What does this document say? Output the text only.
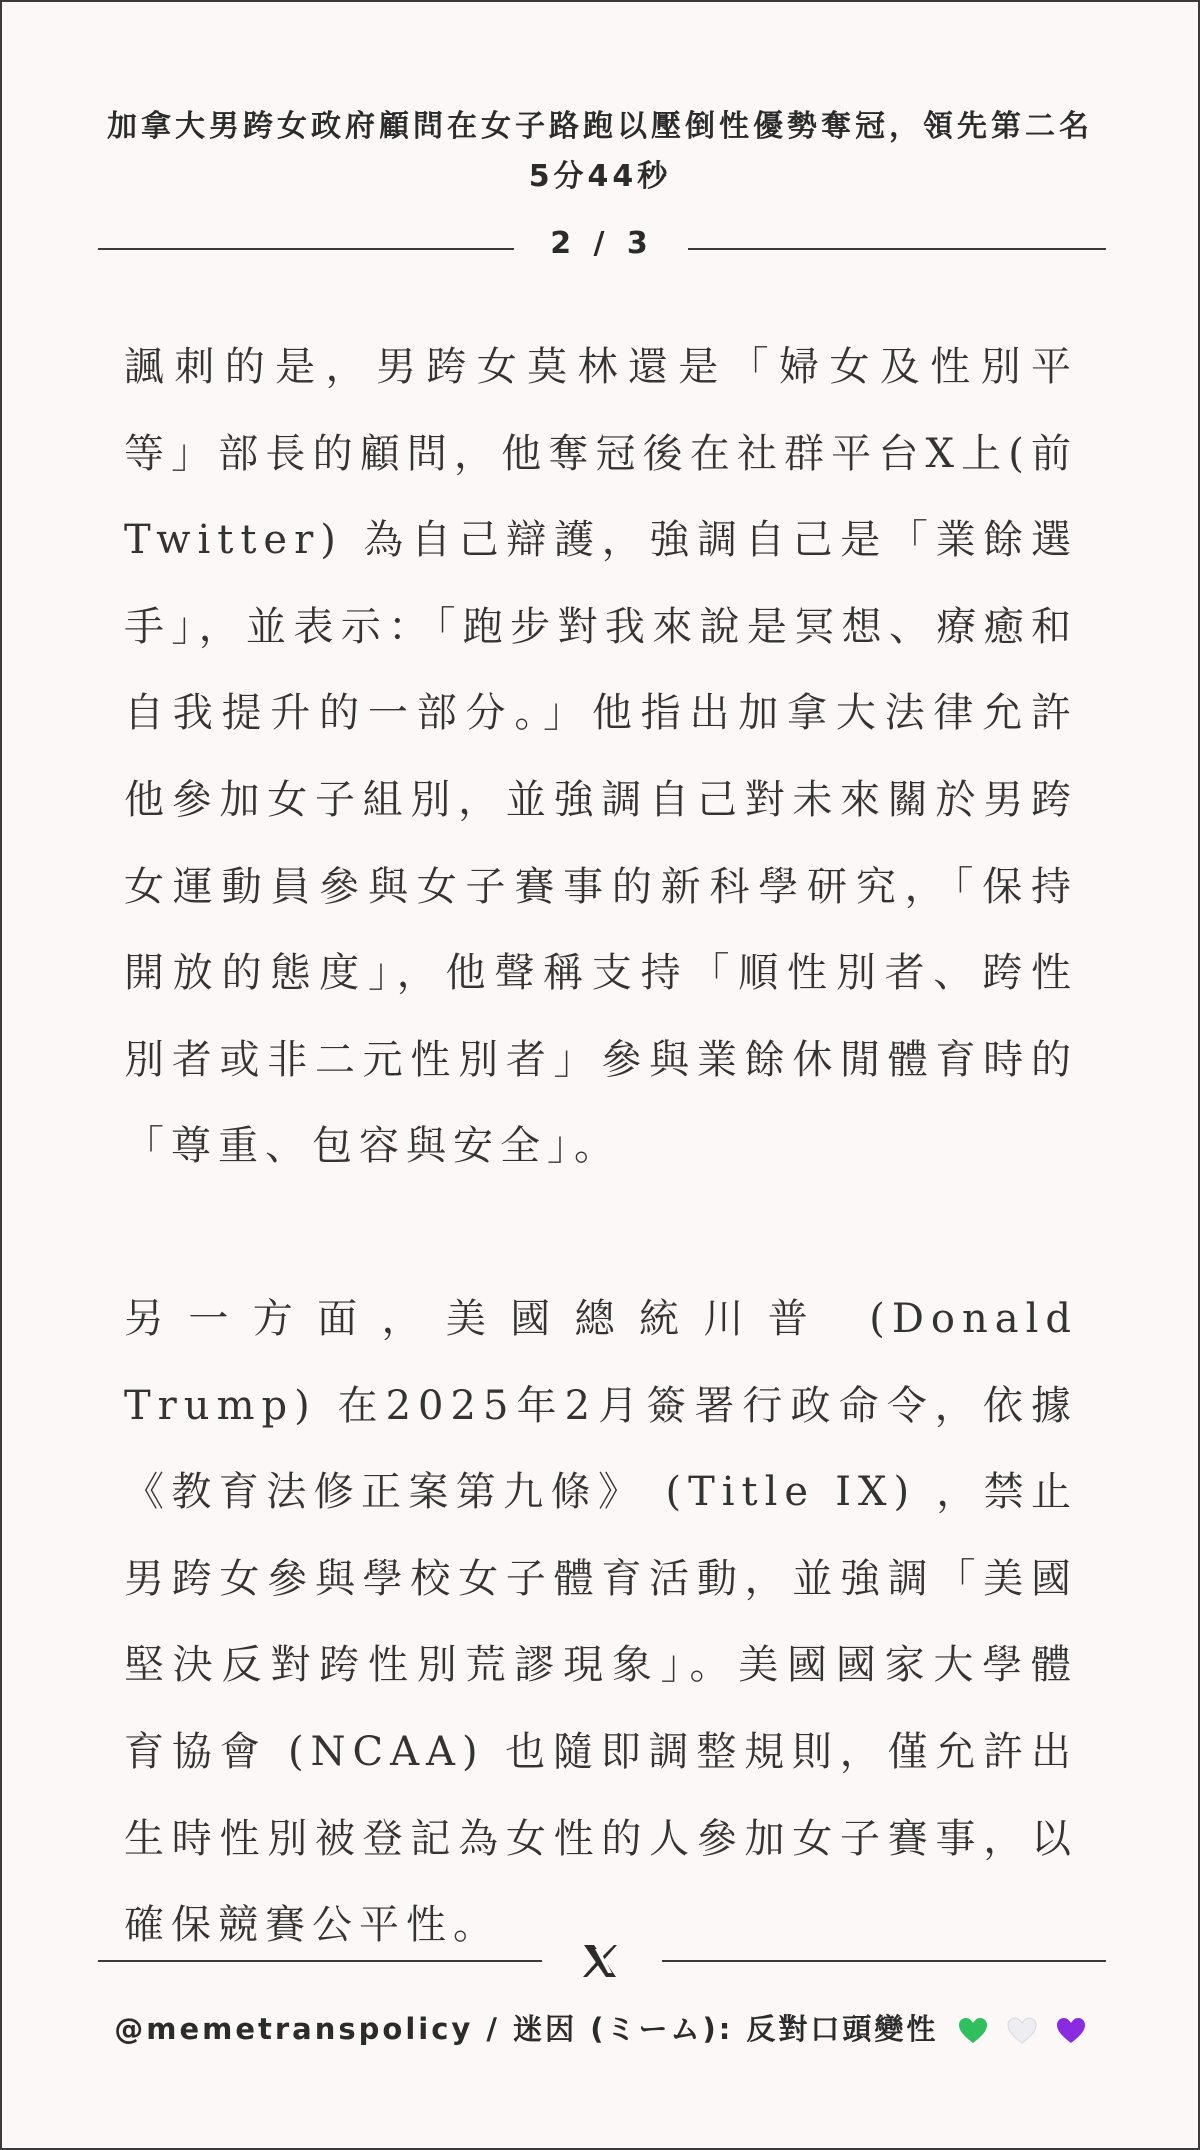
加拿大男跨女政府顧問在女子路跑以壓倒性優勢奪冠，領先第二名5分44秒
2 / 3

諷刺的是，男跨女莫林還是「婦女及性別平等」部長的顧問，他奪冠後在社群平台X上(前Twitter) 為自己辯護，強調自己是「業餘選手」，並表示：「跑步對我來說是冥想、療癒和自我提升的一部分。」他指出加拿大法律允許他參加女子組別，並強調自己對未來關於男跨女運動員參與女子賽事的新科學研究，「保持開放的態度」，他聲稱支持「順性別者、跨性別者或非二元性別者」參與業餘休閒體育時的「尊重、包容與安全」。

另一方面，美國總統川普 (Donald Trump) 在2025年2月簽署行政命令，依據《教育法修正案第九條》 (Title IX) ，禁止男跨女參與學校女子體育活動，並強調「美國堅決反對跨性別荒謬現象」。美國國家大學體育協會 (NCAA) 也隨即調整規則，僅允許出生時性別被登記為女性的人參加女子賽事，以確保競賽公平性。

@memetranspolicy / 迷因 (ミーム): 反對口頭變性
